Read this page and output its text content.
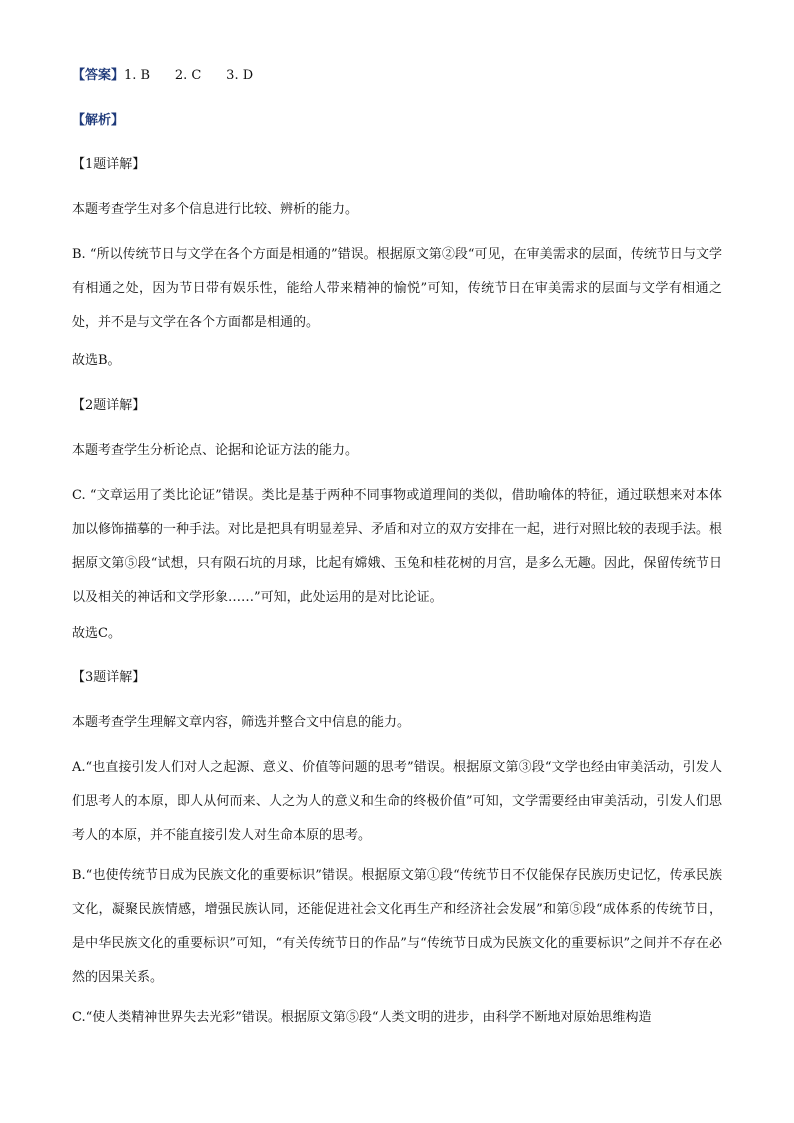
【答案】1. B      2. C      3. D
【解析】
【1题详解】
本题考查学生对多个信息进行比较、辨析的能力。
B. “所以传统节日与文学在各个方面是相通的”错误。根据原文第②段“可见，在审美需求的层面，传统节日与文学有相通之处，因为节日带有娱乐性，能给人带来精神的愉悦”可知，传统节日在审美需求的层面与文学有相通之处，并不是与文学在各个方面都是相通的。
故选B。
【2题详解】
本题考查学生分析论点、论据和论证方法的能力。
C. “文章运用了类比论证”错误。类比是基于两种不同事物或道理间的类似，借助喻体的特征，通过联想来对本体加以修饰描摹的一种手法。对比是把具有明显差异、矛盾和对立的双方安排在一起，进行对照比较的表现手法。根据原文第⑤段“试想，只有陨石坑的月球，比起有嫦娥、玉兔和桂花树的月宫，是多么无趣。因此，保留传统节日以及相关的神话和文学形象……”可知，此处运用的是对比论证。
故选C。
【3题详解】
本题考查学生理解文章内容，筛选并整合文中信息的能力。
A.“也直接引发人们对人之起源、意义、价值等问题的思考”错误。根据原文第③段“文学也经由审美活动，引发人们思考人的本原，即人从何而来、人之为人的意义和生命的终极价值”可知，文学需要经由审美活动，引发人们思考人的本原，并不能直接引发人对生命本原的思考。
B.“也使传统节日成为民族文化的重要标识”错误。根据原文第①段“传统节日不仅能保存民族历史记忆，传承民族文化，凝聚民族情感，增强民族认同，还能促进社会文化再生产和经济社会发展”和第⑤段“成体系的传统节日，是中华民族文化的重要标识”可知，“有关传统节日的作品”与“传统节日成为民族文化的重要标识”之间并不存在必然的因果关系。
C.“使人类精神世界失去光彩”错误。根据原文第⑤段“人类文明的进步，由科学不断地对原始思维构造
